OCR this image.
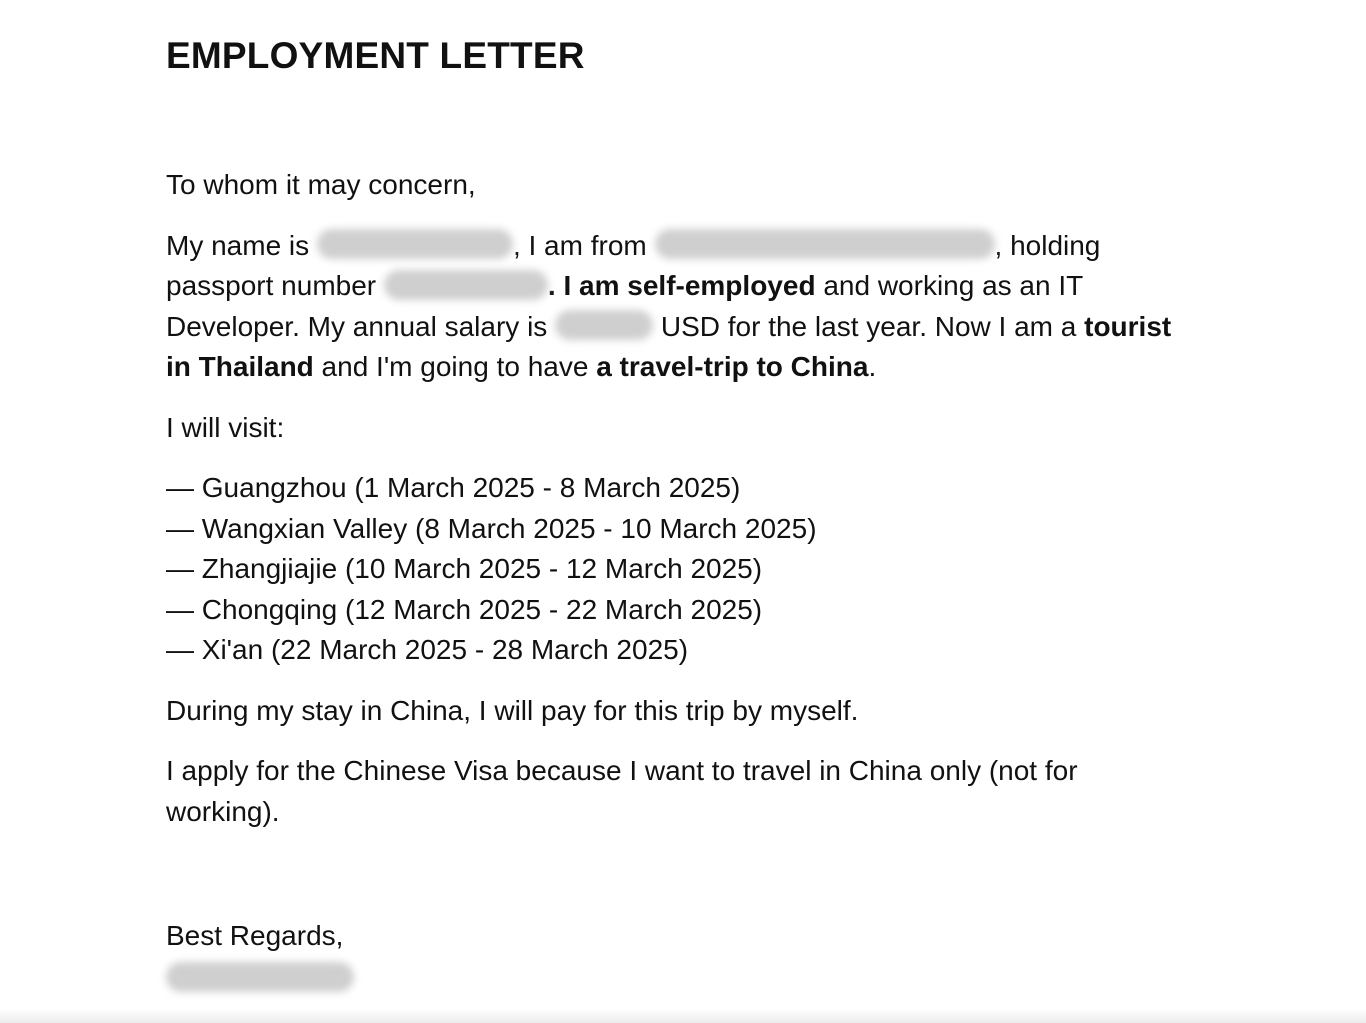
EMPLOYMENT LETTER

To whom it may concern,

My name is	, I am from	, holding passport number	. I am self-employed and working as an IT Developer. My annual salary is	USD for the last year. Now I am a tourist in Thailand and I'm going to have a travel-trip to China.

I will visit:

— Guangzhou (1 March 2025 - 8 March 2025)
— Wangxian Valley (8 March 2025 - 10 March 2025)
— Zhangjiajie (10 March 2025 - 12 March 2025)
— Chongqing (12 March 2025 - 22 March 2025)
— Xi'an (22 March 2025 - 28 March 2025)

During my stay in China, I will pay for this trip by myself.

I apply for the Chinese Visa because I want to travel in China only (not for working).

Best Regards,
